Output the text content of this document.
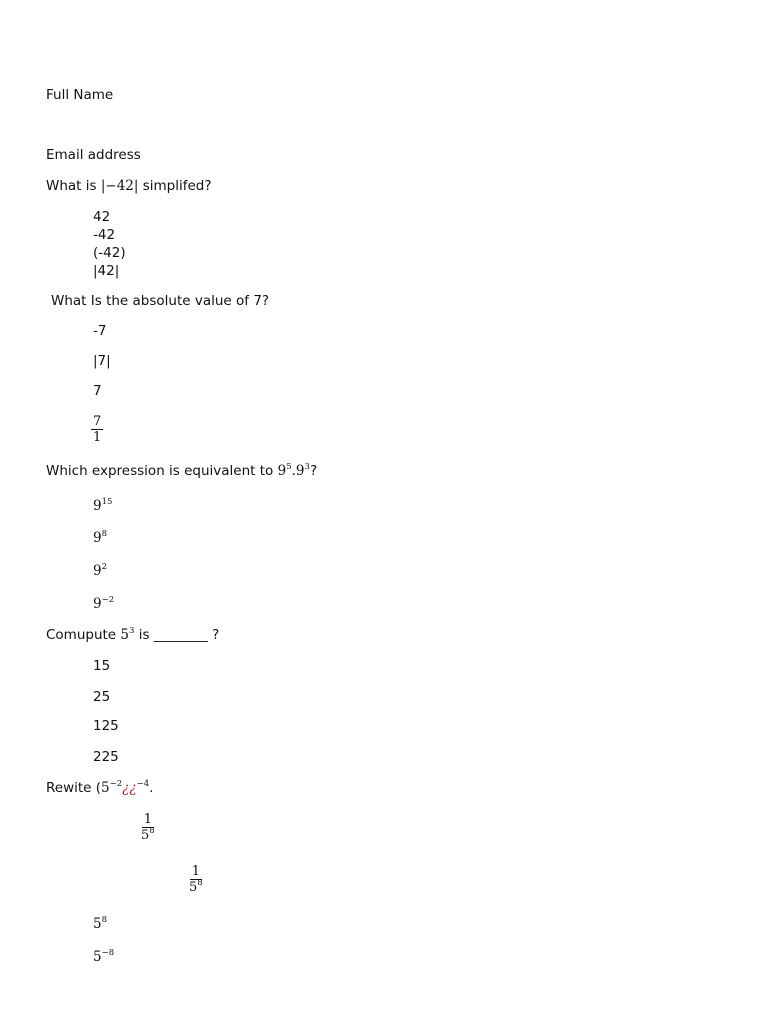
Full Name
Email address
What is |−42| simplifed?
42
-42
(-42)
|42|
What Is the absolute value of 7?
-7
|7|
7
$\frac{7}{1}$
Which expression is equivalent to $9^5.9^3$?
$9^{15}$
$9^8$
$9^2$
$9^{-2}$
Comupute $5^3$ is ________ ?
15
25
125
225
Rewite ($5^{-2}¿¿^{-4}$.
$\frac{1}{5^8}$
$\frac{1}{5^8}$
$5^8$
$5^{-8}$
